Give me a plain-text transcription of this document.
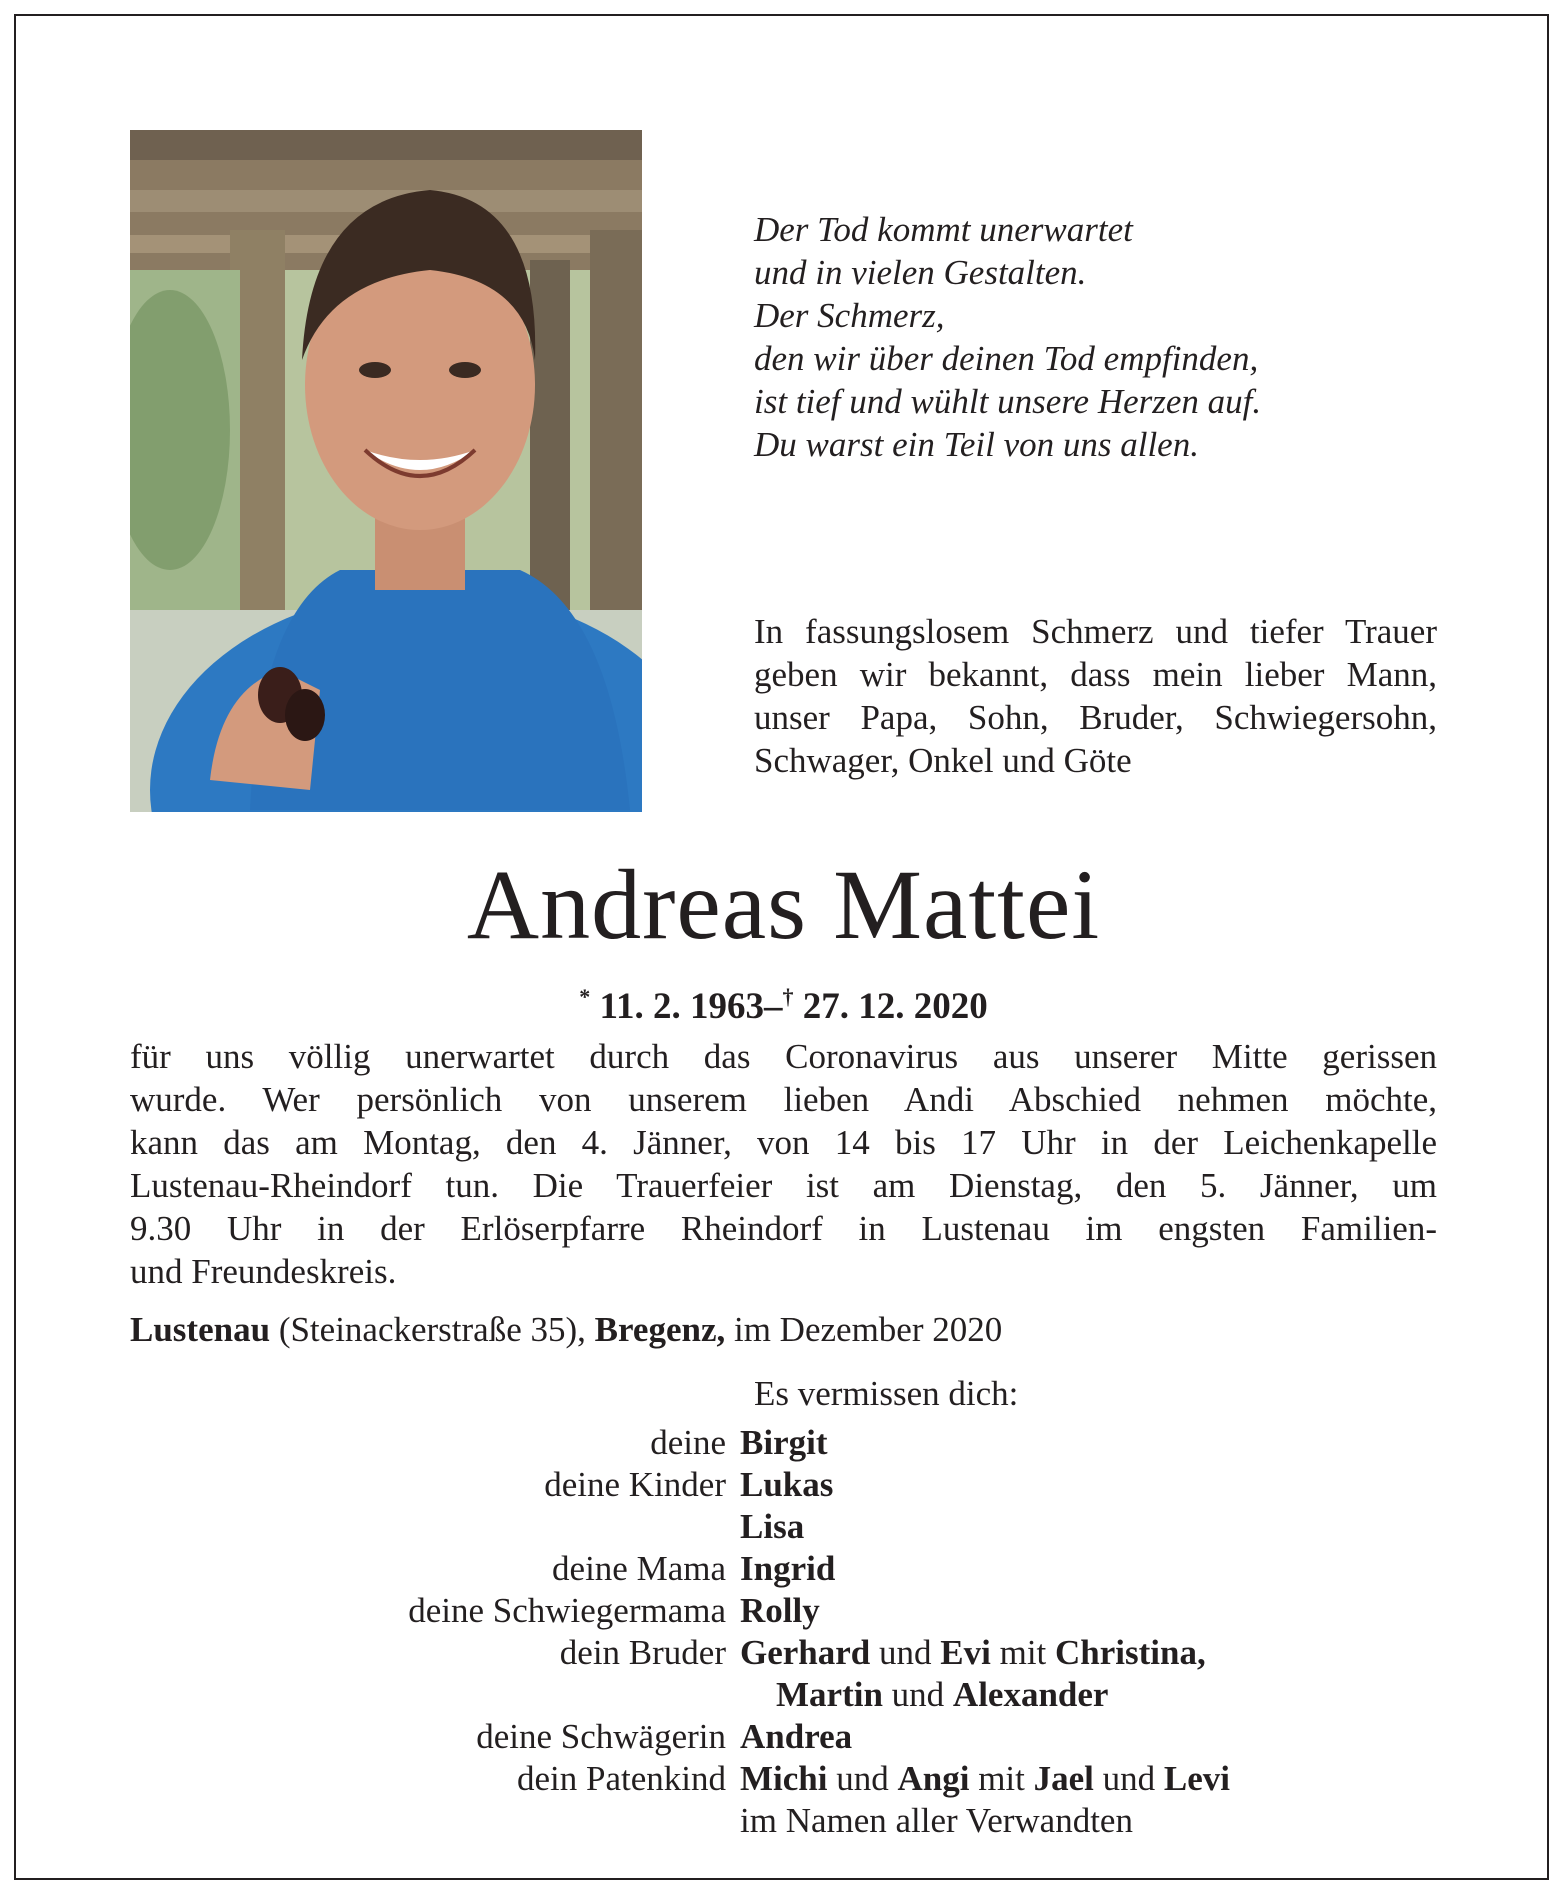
Der Tod kommt unerwartet
und in vielen Gestalten.
Der Schmerz,
den wir über deinen Tod empfinden,
ist tief und wühlt unsere Herzen auf.
Du warst ein Teil von uns allen.
In fassungslosem Schmerz und tiefer Trauer geben wir bekannt, dass mein lieber Mann, unser Papa, Sohn, Bruder, Schwiegersohn, Schwager, Onkel und Göte
Andreas Mattei
* 11. 2. 1963–† 27. 12. 2020
für uns völlig unerwartet durch das Coronavirus aus unserer Mitte gerissen
wurde. Wer persönlich von unserem lieben Andi Abschied nehmen möchte,
kann das am Montag, den 4. Jänner, von 14 bis 17 Uhr in der Leichenkapelle
Lustenau-Rheindorf tun. Die Trauerfeier ist am Dienstag, den 5. Jänner, um
9.30 Uhr in der Erlöserpfarre Rheindorf in Lustenau im engsten Familien-
und Freundeskreis.
Lustenau (Steinackerstraße 35), Bregenz, im Dezember 2020
Es vermissen dich:
deine Birgit
deine Kinder Lukas
Lisa
deine Mama Ingrid
deine Schwiegermama Rolly
dein Bruder Gerhard und Evi mit Christina,
Martin und Alexander
deine Schwägerin Andrea
dein Patenkind Michi und Angi mit Jael und Levi
im Namen aller Verwandten
